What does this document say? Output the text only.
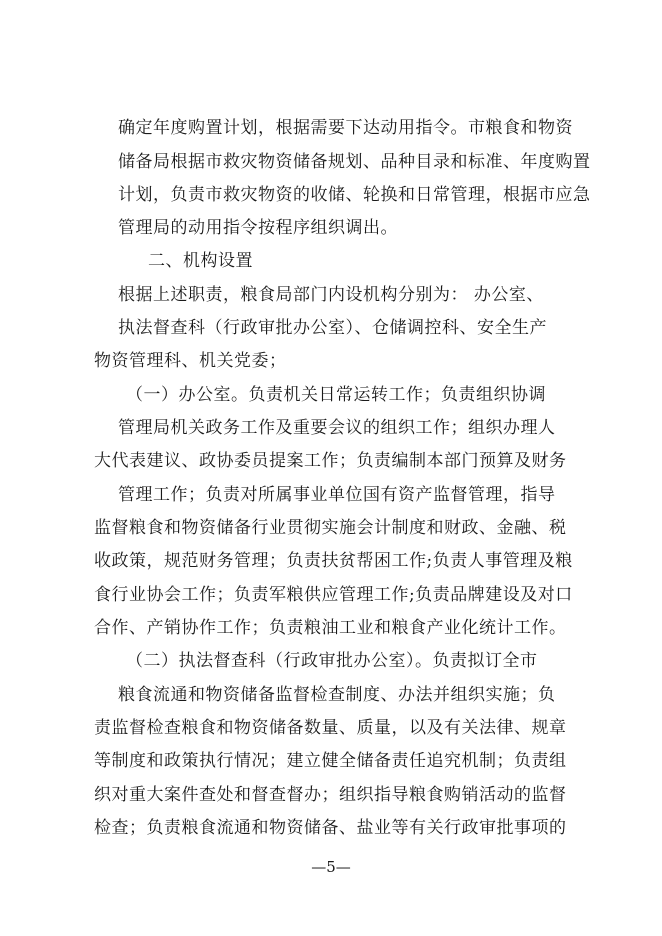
确定年度购置计划，根据需要下达动用指令。市粮食和物资
储备局根据市救灾物资储备规划、品种目录和标准、年度购置
计划，负责市救灾物资的收储、轮换和日常管理，根据市应急
管理局的动用指令按程序组织调出。
二、机构设置
根据上述职责，粮食局部门内设机构分别为： 办公室、
执法督查科（行政审批办公室）、仓储调控科、安全生产
物资管理科、机关党委；
（一）办公室。负责机关日常运转工作；负责组织协调
管理局机关政务工作及重要会议的组织工作；组织办理人
大代表建议、政协委员提案工作；负责编制本部门预算及财务
管理工作；负责对所属事业单位国有资产监督管理，指导
监督粮食和物资储备行业贯彻实施会计制度和财政、金融、税
收政策，规范财务管理；负责扶贫帮困工作;负责人事管理及粮
食行业协会工作；负责军粮供应管理工作;负责品牌建设及对口
合作、产销协作工作；负责粮油工业和粮食产业化统计工作。
（二）执法督查科（行政审批办公室）。负责拟订全市
粮食流通和物资储备监督检查制度、办法并组织实施；负
责监督检查粮食和物资储备数量、质量，以及有关法律、规章
等制度和政策执行情况；建立健全储备责任追究机制；负责组
织对重大案件查处和督查督办；组织指导粮食购销活动的监督
检查；负责粮食流通和物资储备、盐业等有关行政审批事项的
—5—
